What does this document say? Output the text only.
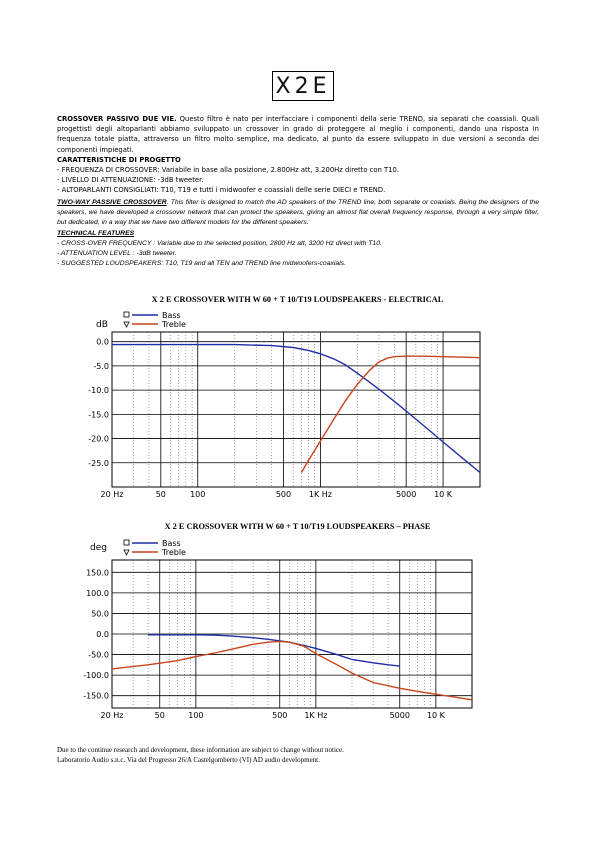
X2E

CROSSOVER PASSIVO DUE VIE. Questo filtro è nato per interfacciare i componenti della serie TREND, sia separati che coassiali. Quali progettisti degli altoparlanti abbiamo sviluppato un crossover in grado di proteggere al meglio i componenti, dando una risposta in frequenza totale piatta, attraverso un filtro molto semplice, ma dedicato, al punto da essere sviluppato in due versioni a seconda dei componenti impiegati.

CARATTERISTICHE DI PROGETTO

- FREQUENZA DI CROSSOVER: Variabile in base alla posizione, 2.800Hz att, 3.200Hz diretto con T10.

- LIVELLO DI ATTENUAZIONE: -3dB tweeter.

- ALTOPARLANTI CONSIGLIATI: T10, T19 e tutti i midwoofer e coassiali delle serie DIECI e TREND.

TWO-WAY PASSIVE CROSSOVER. This filter is designed to match the AD speakers of the TREND line, both separate or coaxials. Being the designers of the speakers, we have developed a crossover network that can protect the speakers, giving an almost flat overall frequency response, through a very simple filter, but dedicated, in a way that we have two different models for the different speakers.

TECHNICAL FEATURES

- CROSS-OVER FREQUENCY : Variable due to the selected position, 2800 Hz att, 3200 Hz direct with T10.

- ATTENUATION LEVEL : -3dB tweeter.

- SUGGESTED LOUDSPEAKERS: T10, T19 and all TEN and TREND line midwoofers-coaxials.

X 2 E CROSSOVER WITH W 60 + T 10/T19 LOUDSPEAKERS - ELECTRICAL
0.0
-5.0
-10.0
-15.0
-20.0
-25.0
20 Hz	50	100	500 1K Hz	5000 10 K
dB
Bass
Treble
X 2 E CROSSOVER WITH W 60 + T 10/T19 LOUDSPEAKERS – PHASE
150.0
100.0
50.0
0.0
-50.0
-100.0
-150.0
20 Hz	50	100	500 1K Hz	5000 10 K
deg	Bass
Treble

Due to the continue research and development, these information are subject to change without notice.

Laboratorio Audio s.n.c. Via del Progresso 26/A Castelgomberto (VI) AD audio development.
